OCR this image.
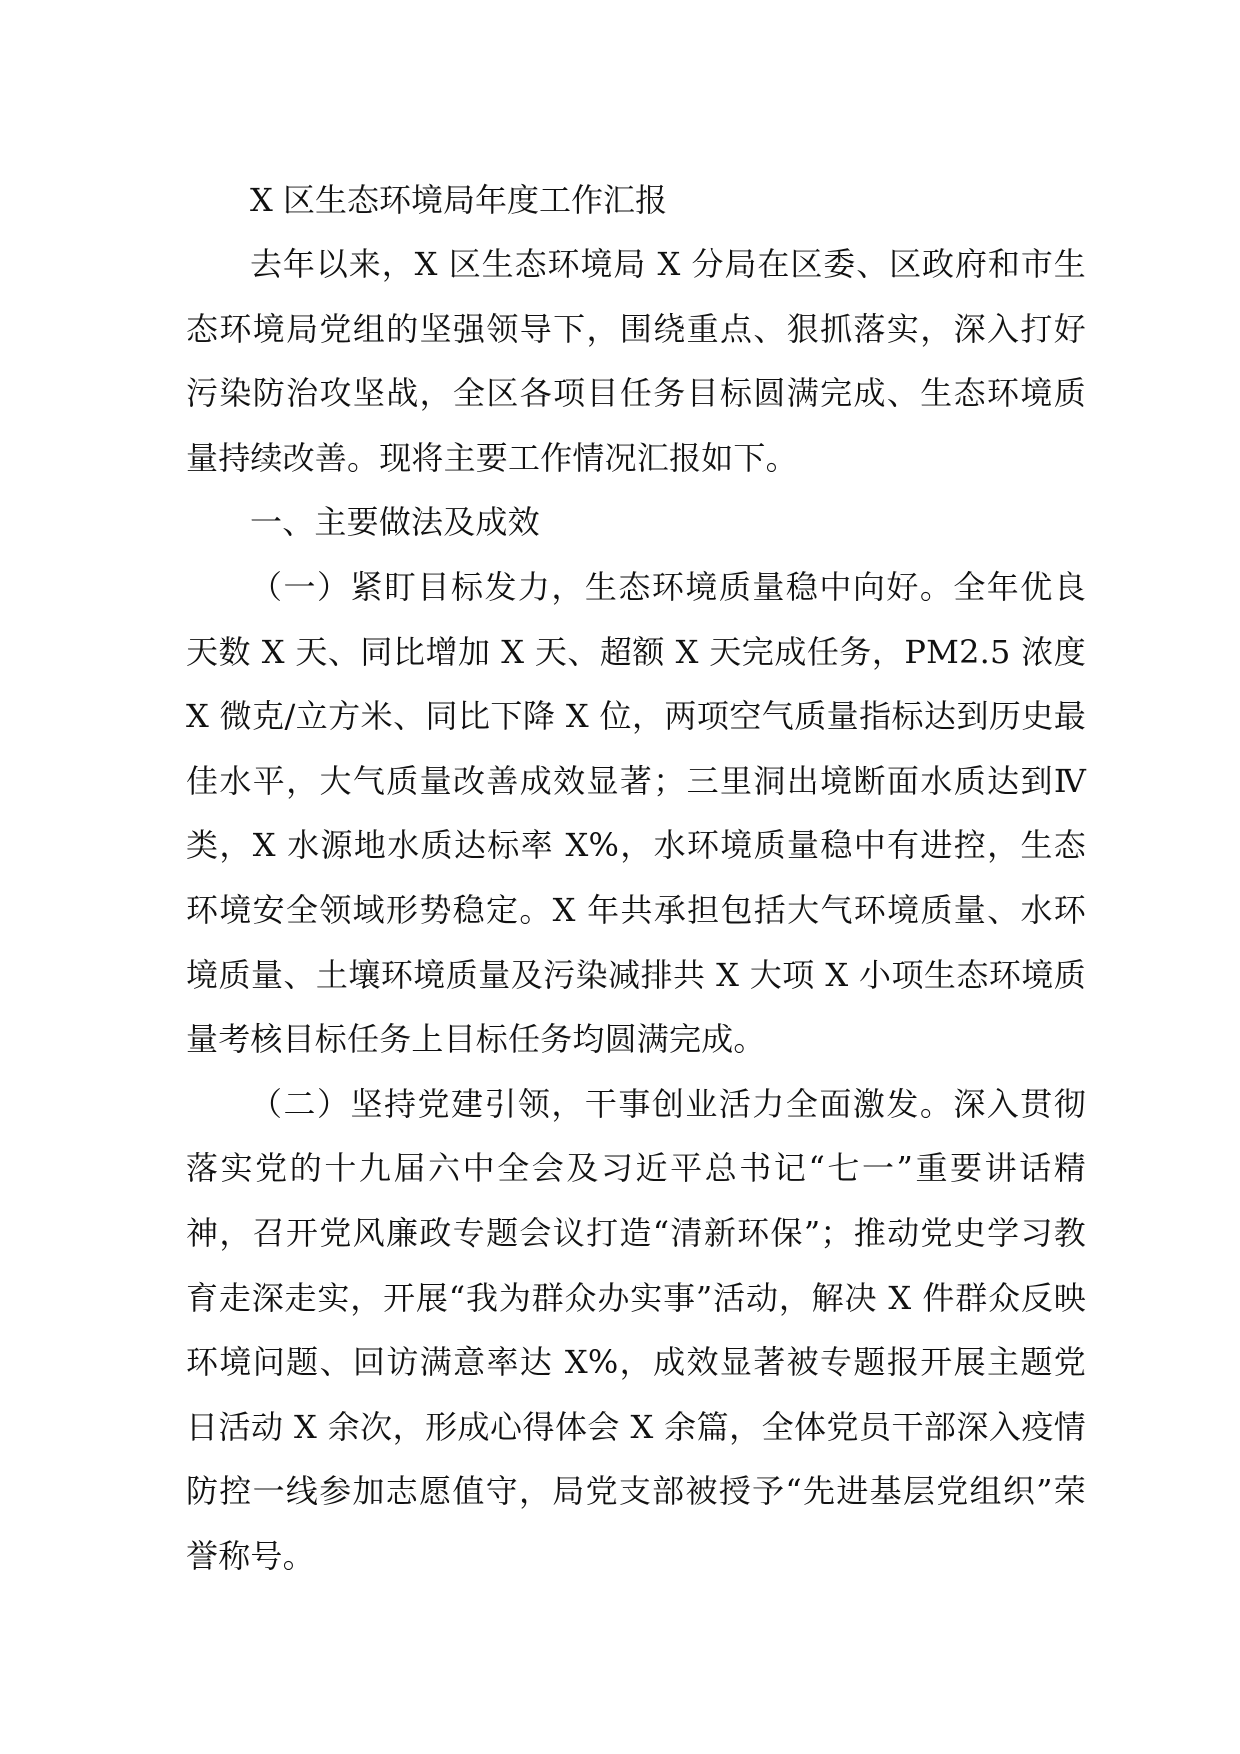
X 区生态环境局年度工作汇报

去年以来，X 区生态环境局 X 分局在区委、区政府和市生态环境局党组的坚强领导下，围绕重点、狠抓落实，深入打好污染防治攻坚战，全区各项目任务目标圆满完成、生态环境质量持续改善。现将主要工作情况汇报如下。

一、主要做法及成效

（一）紧盯目标发力，生态环境质量稳中向好。全年优良天数 X 天、同比增加 X 天、超额 X 天完成任务，PM2.5 浓度 X 微克/立方米、同比下降 X 位，两项空气质量指标达到历史最佳水平，大气质量改善成效显著；三里洞出境断面水质达到Ⅳ类，X 水源地水质达标率 X%，水环境质量稳中有进控，生态环境安全领域形势稳定。X 年共承担包括大气环境质量、水环境质量、土壤环境质量及污染减排共 X 大项 X 小项生态环境质量考核目标任务上目标任务均圆满完成。

（二）坚持党建引领，干事创业活力全面激发。深入贯彻落实党的十九届六中全会及习近平总书记“七一”重要讲话精神，召开党风廉政专题会议打造“清新环保”；推动党史学习教育走深走实，开展“我为群众办实事”活动，解决 X 件群众反映环境问题、回访满意率达 X%，成效显著被专题报开展主题党日活动 X 余次，形成心得体会 X 余篇，全体党员干部深入疫情防控一线参加志愿值守，局党支部被授予“先进基层党组织”荣誉称号。
